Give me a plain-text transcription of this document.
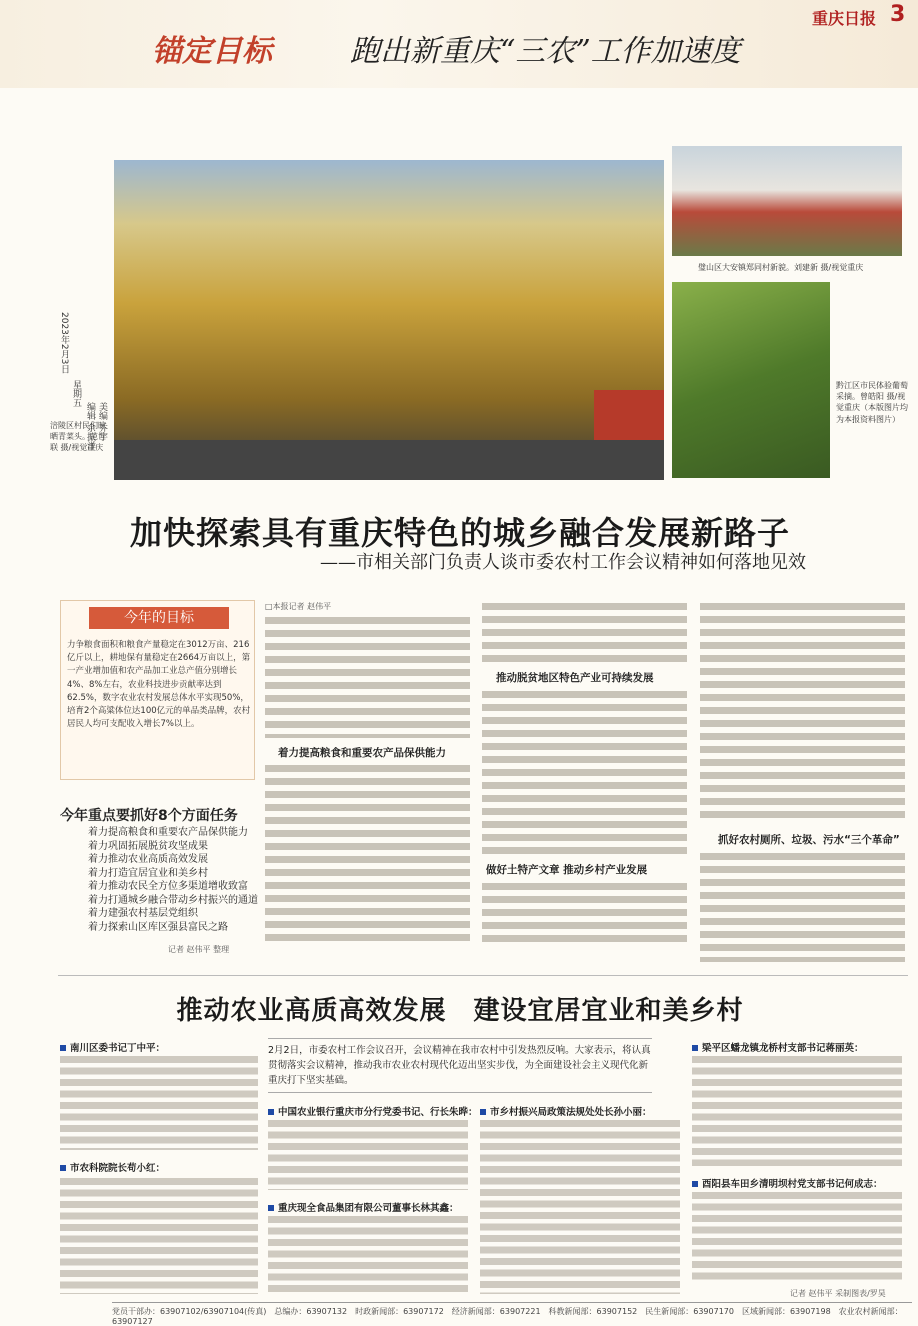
锚定目标	跑出新重庆“三农”工作加速度
重庆日报 3
2023年2月3日
星期五
编辑 余振洋 美编 乔宇
涪陵区村民们晾晒青菜头。范世联 摄/视觉重庆
璧山区大安镇郑同村新貌。刘建新 摄/视觉重庆
黔江区市民体验葡萄采摘。曾皓阳 摄/视觉重庆（本版图片均为本报资料图片）
加快探索具有重庆特色的城乡融合发展新路子
——市相关部门负责人谈市委农村工作会议精神如何落地见效
今年的目标
力争粮食面积和粮食产量稳定在3012万亩、216亿斤以上，耕地保有量稳定在2664万亩以上，第一产业增加值和农产品加工业总产值分别增长4%、8%左右，农业科技进步贡献率达到62.5%，数字农业农村发展总体水平实现50%，培育2个高粱体位达100亿元的单品类品牌，农村居民人均可支配收入增长7%以上。
今年重点要抓好8个方面任务
着力提高粮食和重要农产品保供能力
着力巩固拓展脱贫攻坚成果
着力推动农业高质高效发展
着力打造宜居宜业和美乡村
着力推动农民全方位多渠道增收致富
着力打通城乡融合带动乡村振兴的通道
着力建强农村基层党组织
着力探索山区库区强县富民之路
记者 赵伟平 整理
□本报记者 赵伟平
着力提高粮食和重要农产品保供能力
推动脱贫地区特色产业可持续发展
做好土特产文章 推动乡村产业发展
抓好农村厕所、垃圾、污水“三个革命”
推动农业高质高效发展　建设宜居宜业和美乡村
2月2日，市委农村工作会议召开，会议精神在我市农村中引发热烈反响。大家表示，将认真贯彻落实会议精神，推动我市农业农村现代化迈出坚实步伐，为全面建设社会主义现代化新重庆打下坚实基础。
南川区委书记丁中平：
市农科院院长苟小红：
中国农业银行重庆市分行党委书记、行长朱晔：
重庆现全食品集团有限公司董事长林其鑫：
市乡村振兴局政策法规处处长孙小丽：
梁平区蟠龙镇龙桥村支部书记蒋丽英：
酉阳县车田乡清明坝村党支部书记何成志：
记者 赵伟平 采制图表/罗昊
党员干部办：63907102/63907104(传真)　总编办：63907132　时政新闻部：63907172　经济新闻部：63907221　科教新闻部：63907152　民生新闻部：63907170　区域新闻部：63907198　农业农村新闻部：63907127
